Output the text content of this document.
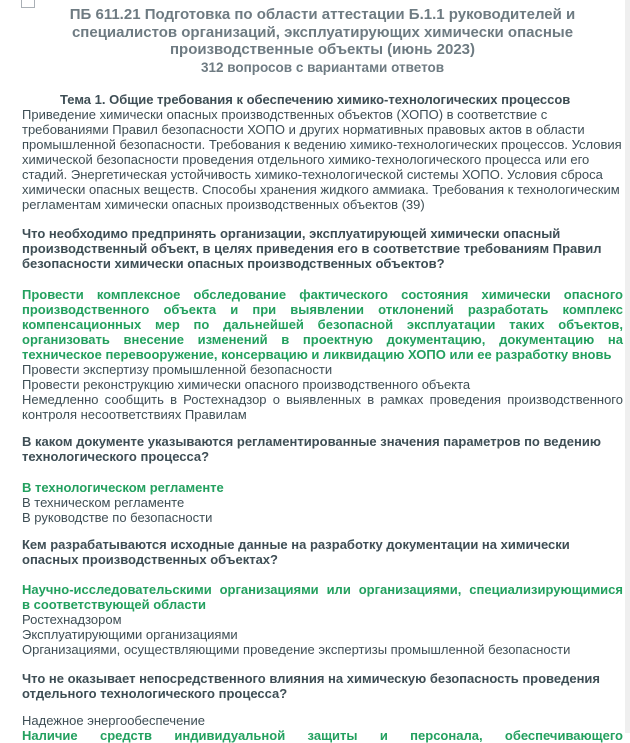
ПБ 611.21 Подготовка по области аттестации Б.1.1 руководителей и специалистов организаций, эксплуатирующих химически опасные производственные объекты (июнь 2023)
312 вопросов с вариантами ответов
Тема 1. Общие требования к обеспечению химико-технологических процессов
Приведение химически опасных производственных объектов (ХОПО) в соответствие с требованиями Правил безопасности ХОПО и других нормативных правовых актов в области промышленной безопасности. Требования к ведению химико-технологических процессов. Условия химической безопасности проведения отдельного химико-технологического процесса или его стадий. Энергетическая устойчивость химико-технологической системы ХОПО. Условия сброса химически опасных веществ. Способы хранения жидкого аммиака. Требования к технологическим регламентам химически опасных производственных объектов (39)
Что необходимо предпринять организации, эксплуатирующей химически опасный производственный объект, в целях приведения его в соответствие требованиям Правил безопасности химически опасных производственных объектов?
Провести комплексное обследование фактического состояния химически опасного производственного объекта и при выявлении отклонений разработать комплекс компенсационных мер по дальнейшей безопасной эксплуатации таких объектов, организовать внесение изменений в проектную документацию, документацию на техническое перевооружение, консервацию и ликвидацию ХОПО или ее разработку вновь
Провести экспертизу промышленной безопасности
Провести реконструкцию химически опасного производственного объекта
Немедленно сообщить в Ростехнадзор о выявленных в рамках проведения производственного контроля несоответствиях Правилам
В каком документе указываются регламентированные значения параметров по ведению технологического процесса?
В технологическом регламенте
В техническом регламенте
В руководстве по безопасности
Кем разрабатываются исходные данные на разработку документации на химически опасных производственных объектах?
Научно-исследовательскими организациями или организациями, специализирующимися в соответствующей области
Ростехнадзором
Эксплуатирующими организациями
Организациями, осуществляющими проведение экспертизы промышленной безопасности
Что не оказывает непосредственного влияния на химическую безопасность проведения отдельного технологического процесса?
Надежное энергообеспечение
Наличие средств индивидуальной защиты и персонала, обеспечивающего
